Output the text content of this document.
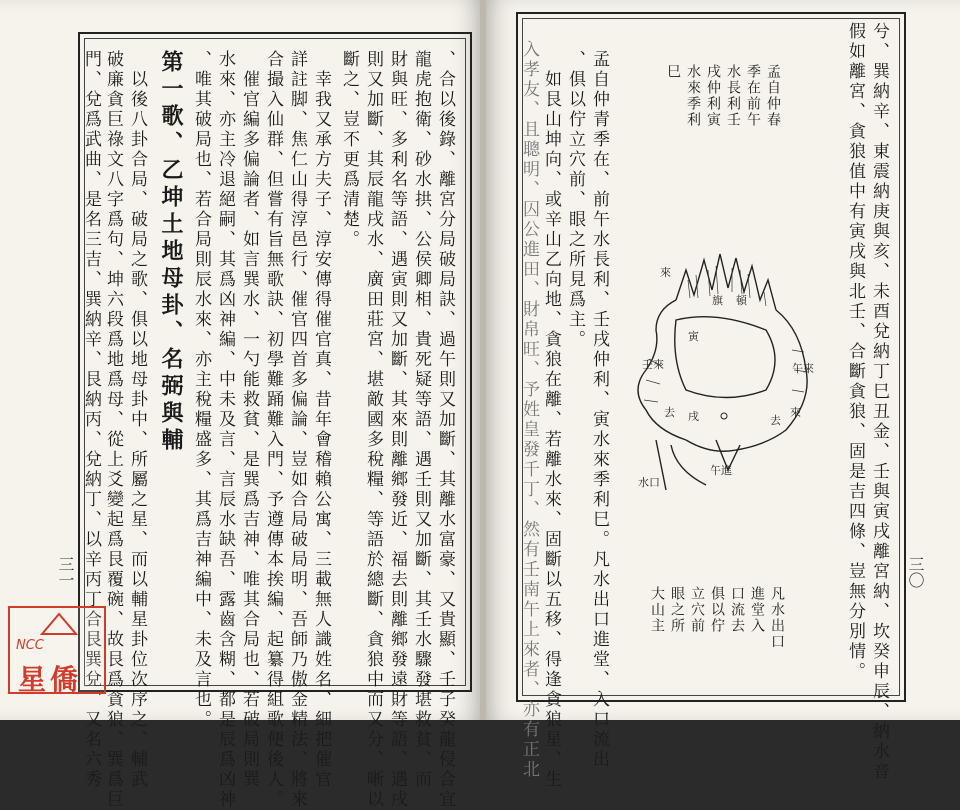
、合以後錄、離宮分局破局訣、過午則又加斷、其離水富豪、又貴顯、壬子癸龍侵合宜
龍虎抱衛、砂水拱、公侯卿相、貴死疑等語、遇壬則又加斷、其壬水驟發堪救貧、而
財與旺、多利名等語、遇寅則又加斷、其來則離鄉發近、福去則離鄉發遠財等語、遇戌
則又加斷、其辰龍戌水、廣田莊宮、堪敵國多稅糧、等語於總斷、貪狼中而又分、晰以
斷之、豈不更爲清楚。
幸我又承方夫子、淳安傳得催官真、昔年會稽賴公寓、三載無人識姓名、細把催官
詳註脚、焦仁山得淳邑行、催官四首多偏論、豈如合局破局明、吾師乃傲金精法、將來
合撮入仙群、但嘗有旨無歌訣、初學難踊難入門、予遵傳本挨編、起纂得組歌便後人。
催官編多偏論者、如言巽水、一勺能救貧、是巽爲吉神、唯其合局也、若破局則巽
水來、亦主冷退絕嗣、其爲凶神編、中未及言、言辰水缺吾、露齒含糊、都是辰爲凶神
、唯其破局也、若合局則辰水來、亦主稅糧盛多、其爲吉神編中、未及言也。
第一歌、乙坤土地母卦、名弼與輔
以後八卦合局、破局之歌、俱以地母卦中、所屬之星、而以輔星卦位次序之、輔武
破廉貪巨祿文八字爲句、坤六段爲地爲母、從上爻變起爲艮覆碗、故艮爲貪狼、巽爲巨
門、兌爲武曲、是名三吉、巽納辛、艮納丙、兌納丁、以辛丙丁合艮巽兌、又名六秀
三一	兮、巽納辛、東震納庚與亥、未酉兌納丁巳丑金、壬與寅戌離宮納、坎癸申辰、納水音
假如離宮、貪狼值中有寅戌與北壬、合斷貪狼、固是吉四條、豈無分別情。
孟自仲春
季在前午
水長利壬
戌仲利寅
水來季利
巳
孟自仲青季在、前午水長利、壬戌仲利、寅水來季利巳。凡水出口進堂、入口流出
、俱以佇立穴前、眼之所見爲主。
如艮山坤向、或辛山乙向地、貪狼在離、若離水來、固斷以五移、得逢貪狼星、生
入孝友、且聰明、囚公進田、財帛旺、予姓皇發千丁、然有壬南午上來者、亦有正北	凡水出口
進堂入
口流去
俱以佇
立穴前
眼之所
大山主
三〇
來
旗 頓
寅
壬來	午來
去 戌
水口
午進
去
來
NCC
星僑
